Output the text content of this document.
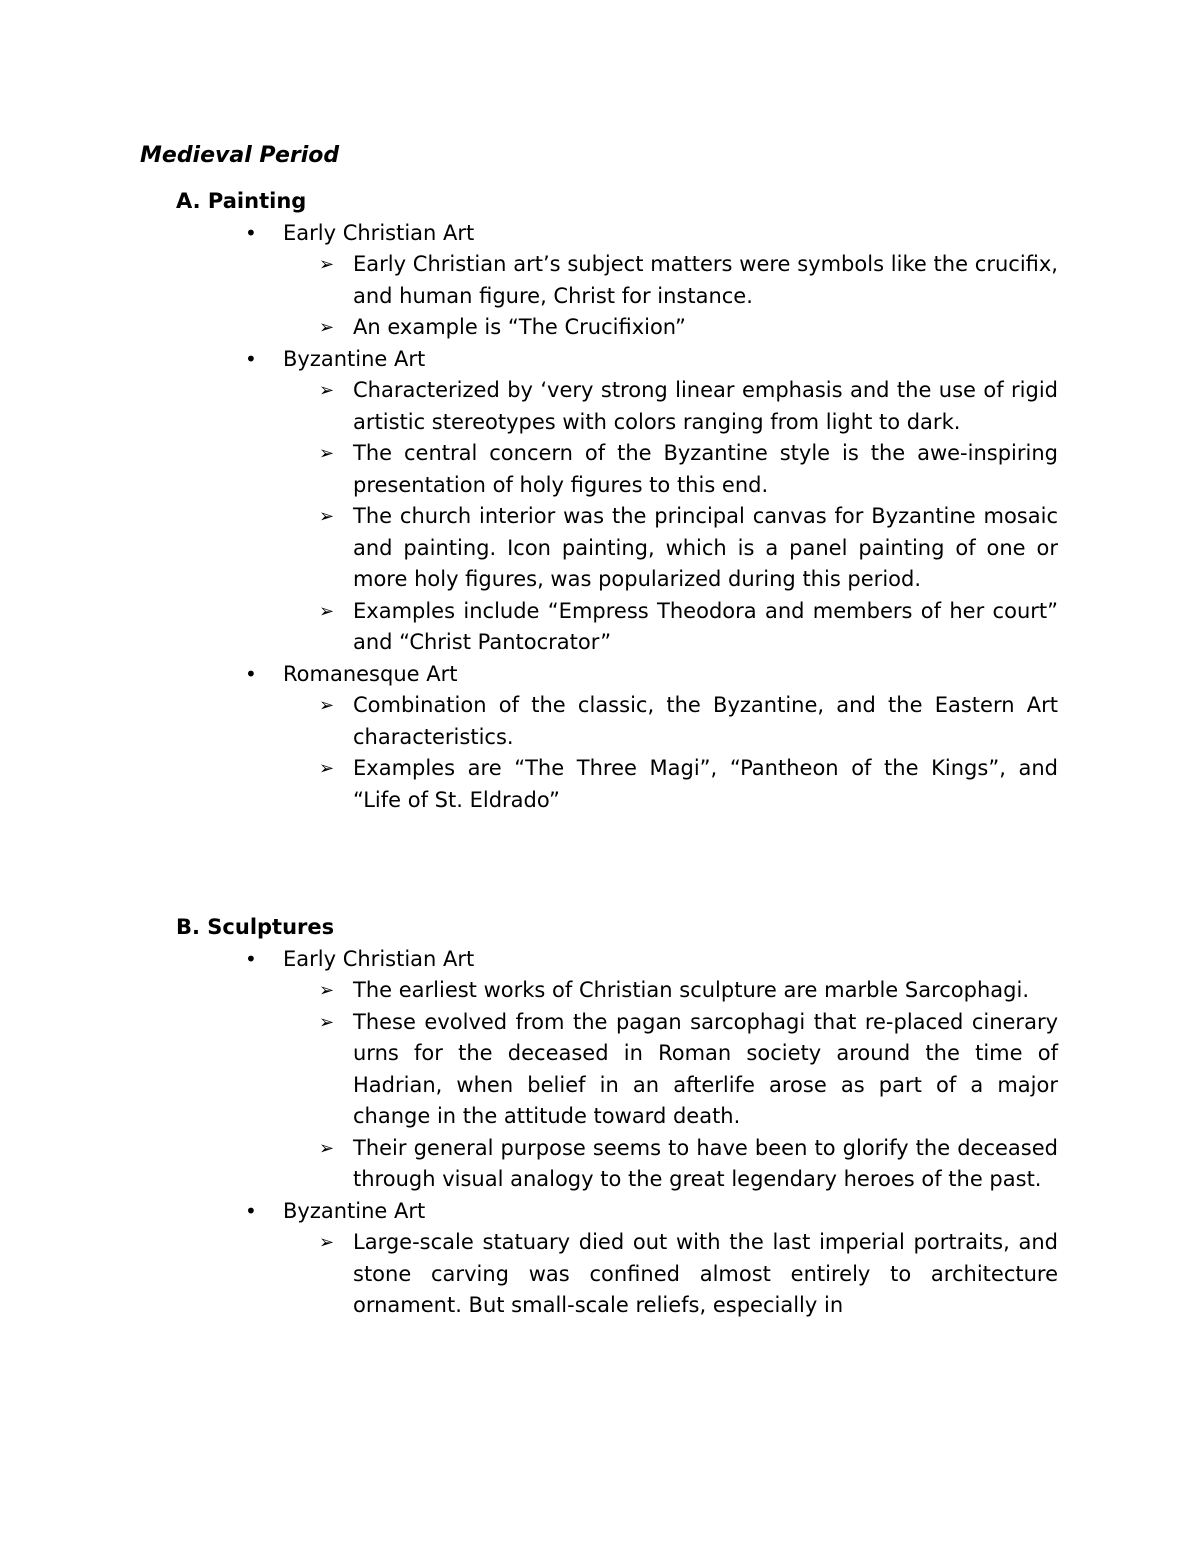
Medieval Period
A. Painting
• Early Christian Art
➢ Early Christian art’s subject matters were symbols like the crucifix, and human figure, Christ for instance.
➢ An example is “The Crucifixion”
• Byzantine Art
➢ Characterized by ‘very strong linear emphasis and the use of rigid artistic stereotypes with colors ranging from light to dark.
➢ The central concern of the Byzantine style is the awe-inspiring presentation of holy figures to this end.
➢ The church interior was the principal canvas for Byzantine mosaic and painting. Icon painting, which is a panel painting of one or more holy figures, was popularized during this period.
➢ Examples include “Empress Theodora and members of her court” and “Christ Pantocrator”
• Romanesque Art
➢ Combination of the classic, the Byzantine, and the Eastern Art characteristics.
➢ Examples are “The Three Magi”, “Pantheon of the Kings”, and “Life of St. Eldrado”
B. Sculptures
• Early Christian Art
➢ The earliest works of Christian sculpture are marble Sarcophagi.
➢ These evolved from the pagan sarcophagi that re-placed cinerary urns for the deceased in Roman society around the time of Hadrian, when belief in an afterlife arose as part of a major change in the attitude toward death.
➢ Their general purpose seems to have been to glorify the deceased through visual analogy to the great legendary heroes of the past.
• Byzantine Art
➢ Large-scale statuary died out with the last imperial portraits, and stone carving was confined almost entirely to architecture ornament. But small-scale reliefs, especially in
